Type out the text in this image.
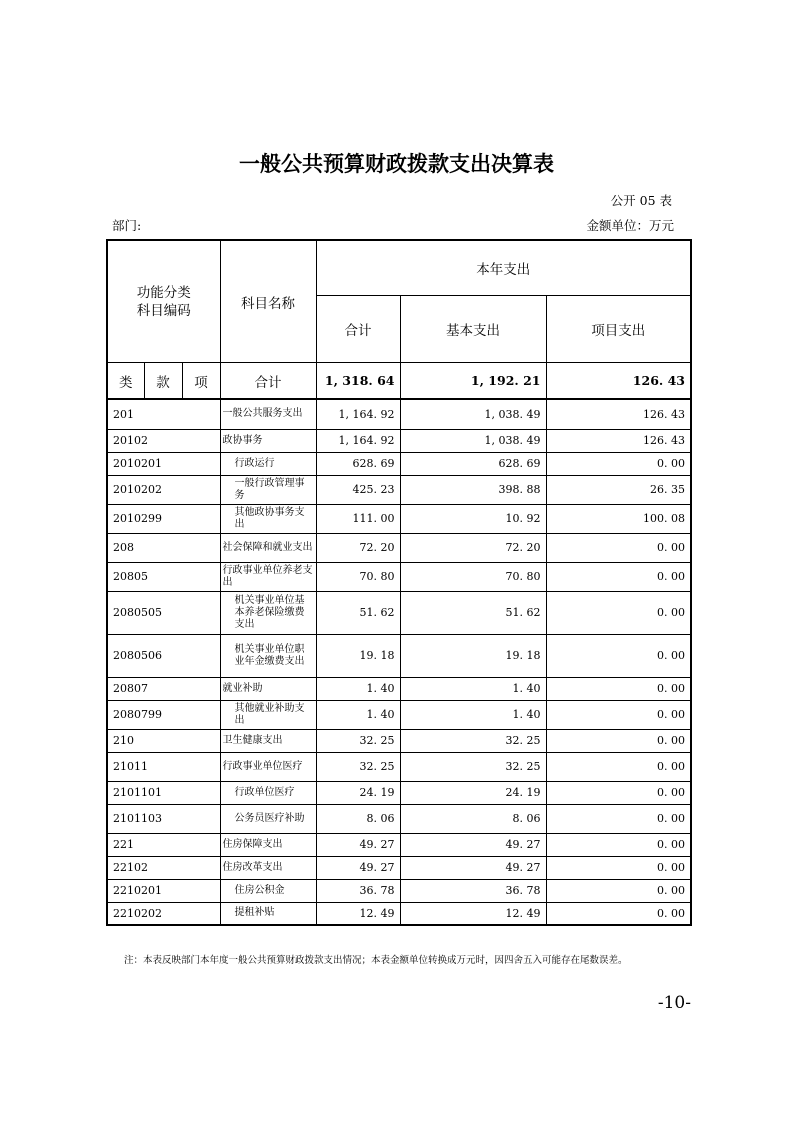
一般公共预算财政拨款支出决算表
公开 05 表
部门:	金额单位：万元
功能分类
科目编码			科目名称	本年支出		
				合计	基本支出	项目支出
类	款	项	合计	1, 318. 64	1, 192. 21	126. 43
201			一般公共服务支出	1, 164. 92	1, 038. 49	126. 43
20102			政协事务	1, 164. 92	1, 038. 49	126. 43
2010201			行政运行	628. 69	628. 69	0. 00
2010202			一般行政管理事务	425. 23	398. 88	26. 35
2010299			其他政协事务支出	111. 00	10. 92	100. 08
208			社会保障和就业支出	72. 20	72. 20	0. 00
20805			行政事业单位养老支出	70. 80	70. 80	0. 00
2080505			机关事业单位基本养老保险缴费支出	51. 62	51. 62	0. 00
2080506			机关事业单位职业年金缴费支出	19. 18	19. 18	0. 00
20807			就业补助	1. 40	1. 40	0. 00
2080799			其他就业补助支出	1. 40	1. 40	0. 00
210			卫生健康支出	32. 25	32. 25	0. 00
21011			行政事业单位医疗	32. 25	32. 25	0. 00
2101101			行政单位医疗	24. 19	24. 19	0. 00
2101103			公务员医疗补助	8. 06	8. 06	0. 00
221			住房保障支出	49. 27	49. 27	0. 00
22102			住房改革支出	49. 27	49. 27	0. 00
2210201			住房公积金	36. 78	36. 78	0. 00
2210202			提租补贴	12. 49	12. 49	0. 00
注：本表反映部门本年度一般公共预算财政拨款支出情况；本表金额单位转换成万元时，因四舍五入可能存在尾数误差。
-10-
